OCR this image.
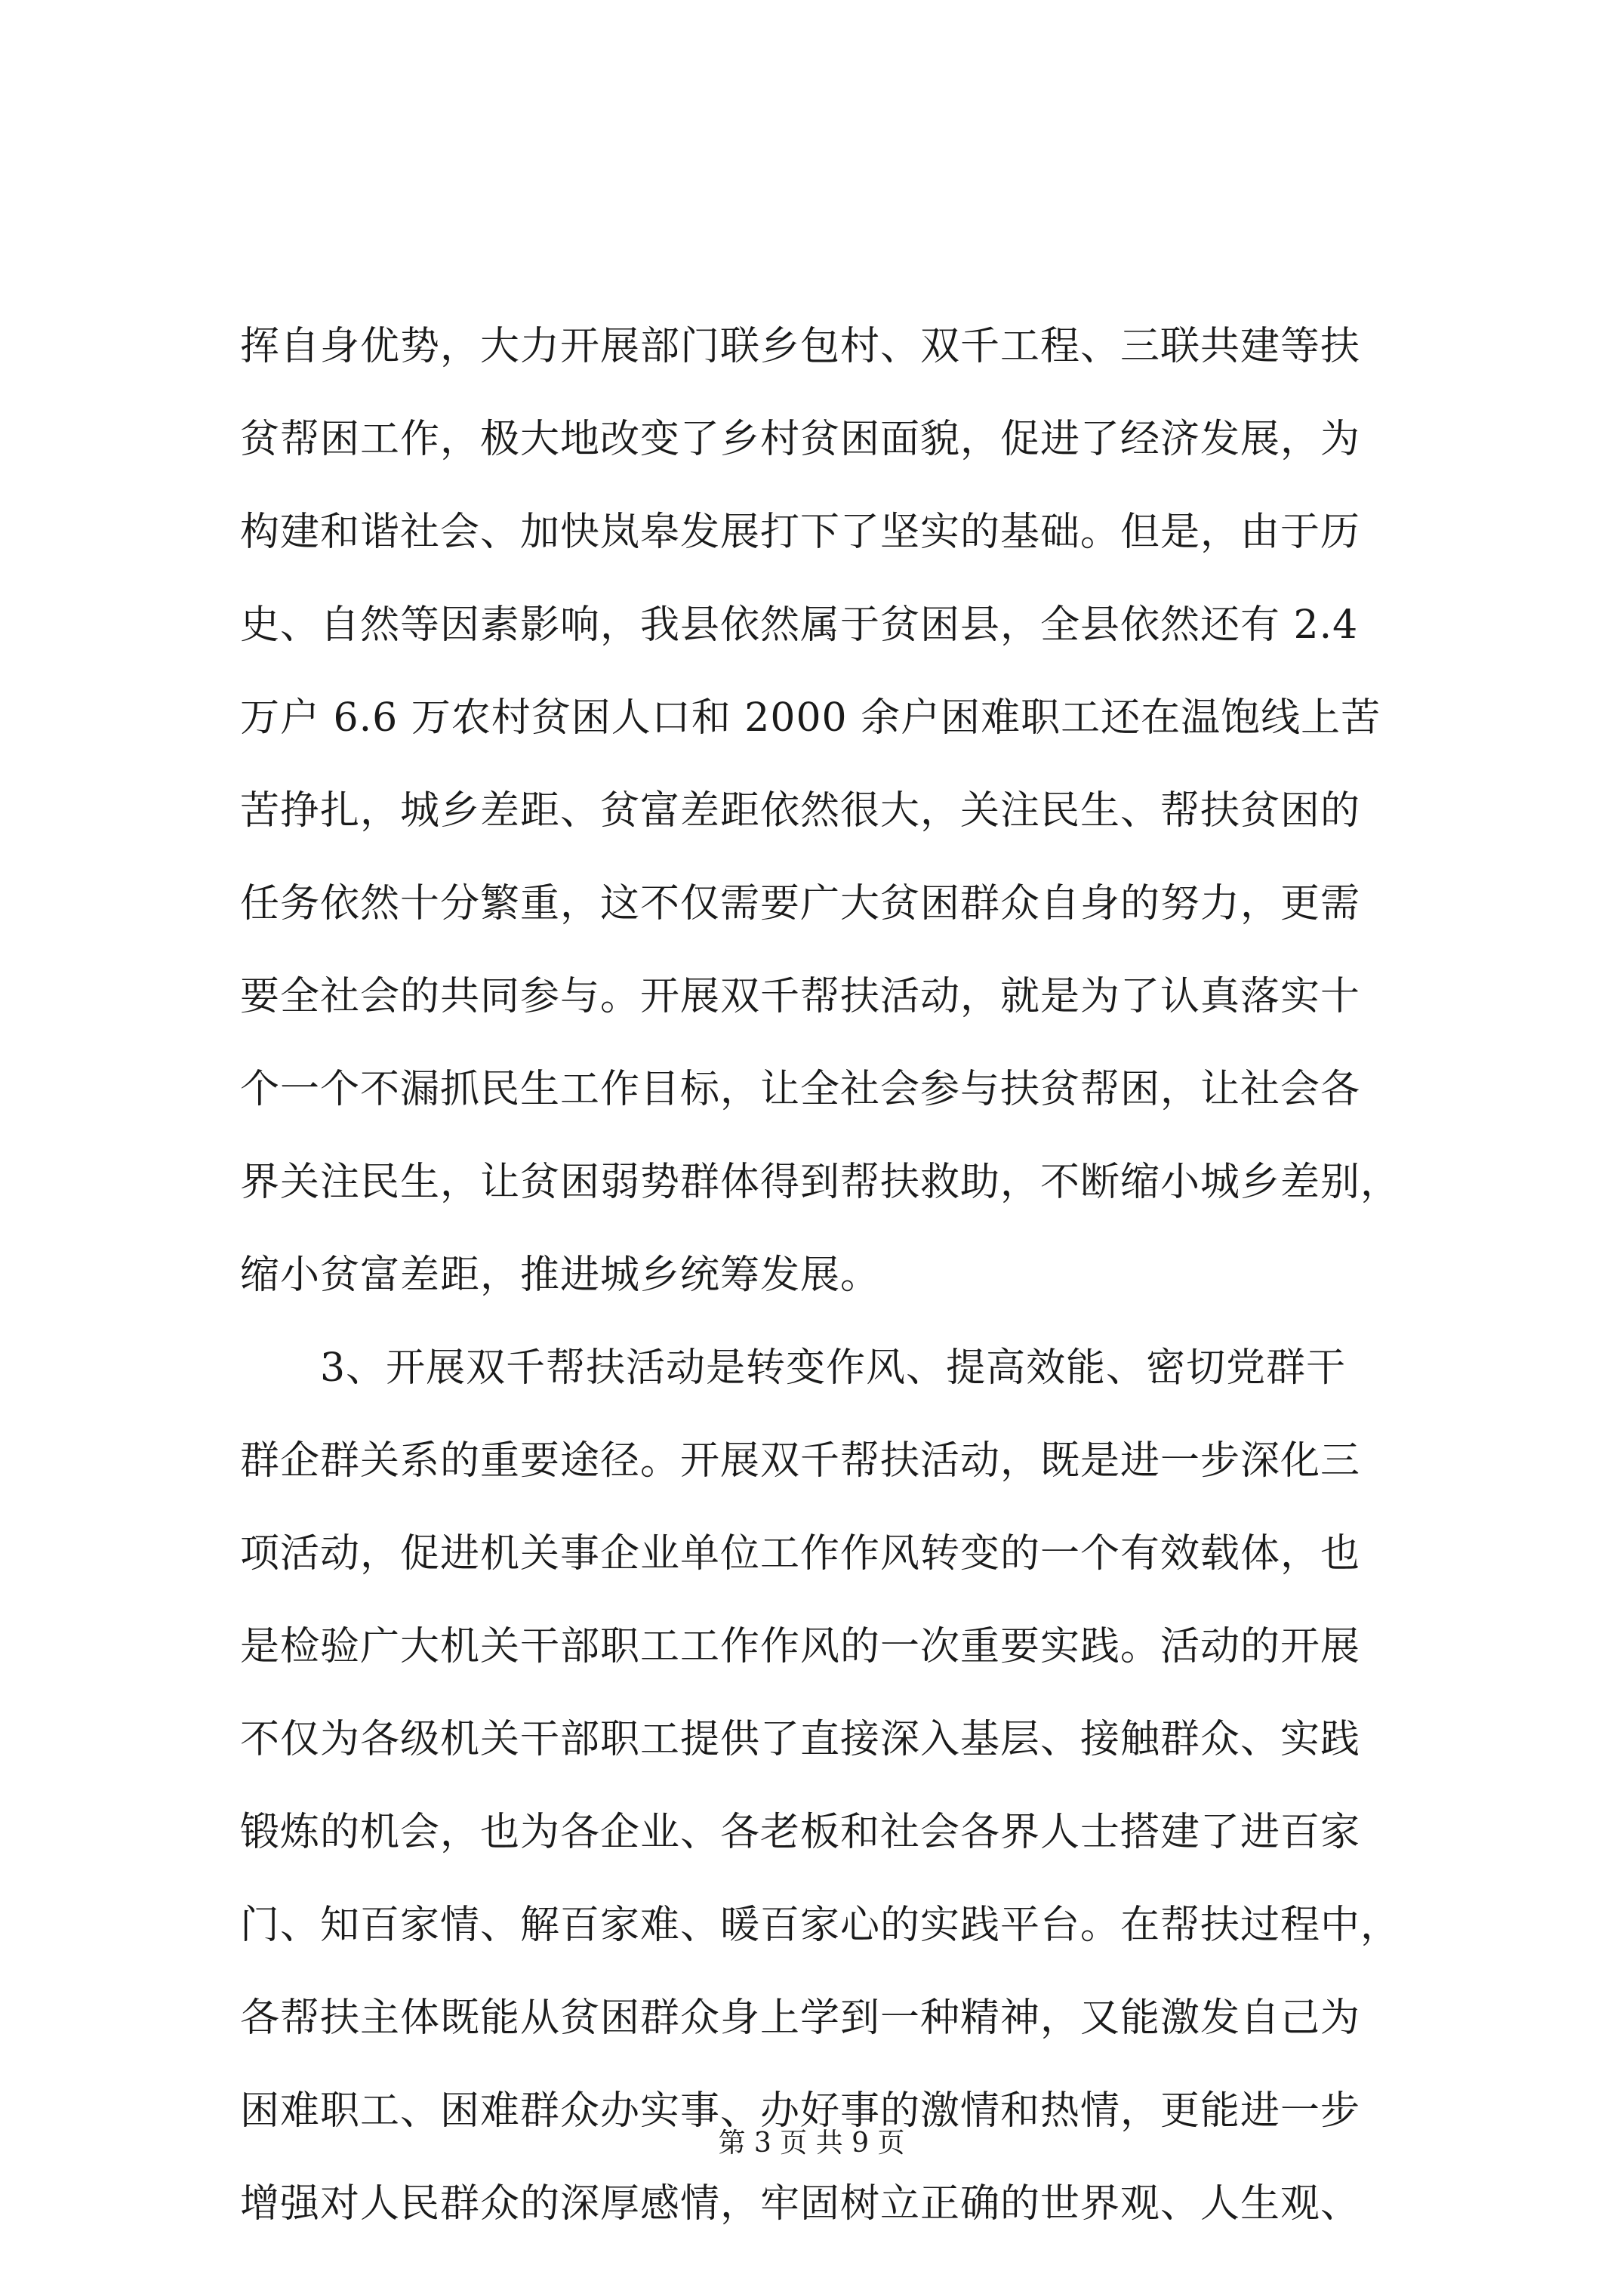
挥自身优势，大力开展部门联乡包村、双千工程、三联共建等扶
贫帮困工作，极大地改变了乡村贫困面貌，促进了经济发展，为
构建和谐社会、加快岚皋发展打下了坚实的基础。但是，由于历
史、自然等因素影响，我县依然属于贫困县，全县依然还有 2.4
万户 6.6 万农村贫困人口和 2000 余户困难职工还在温饱线上苦
苦挣扎，城乡差距、贫富差距依然很大，关注民生、帮扶贫困的
任务依然十分繁重，这不仅需要广大贫困群众自身的努力，更需
要全社会的共同参与。开展双千帮扶活动，就是为了认真落实十
个一个不漏抓民生工作目标，让全社会参与扶贫帮困，让社会各
界关注民生，让贫困弱势群体得到帮扶救助，不断缩小城乡差别，
缩小贫富差距，推进城乡统筹发展。
　　3、开展双千帮扶活动是转变作风、提高效能、密切党群干
群企群关系的重要途径。开展双千帮扶活动，既是进一步深化三
项活动，促进机关事企业单位工作作风转变的一个有效载体，也
是检验广大机关干部职工工作作风的一次重要实践。活动的开展
不仅为各级机关干部职工提供了直接深入基层、接触群众、实践
锻炼的机会，也为各企业、各老板和社会各界人士搭建了进百家
门、知百家情、解百家难、暖百家心的实践平台。在帮扶过程中，
各帮扶主体既能从贫困群众身上学到一种精神，又能激发自己为
困难职工、困难群众办实事、办好事的激情和热情，更能进一步
增强对人民群众的深厚感情，牢固树立正确的世界观、人生观、
第 3 页 共 9 页
